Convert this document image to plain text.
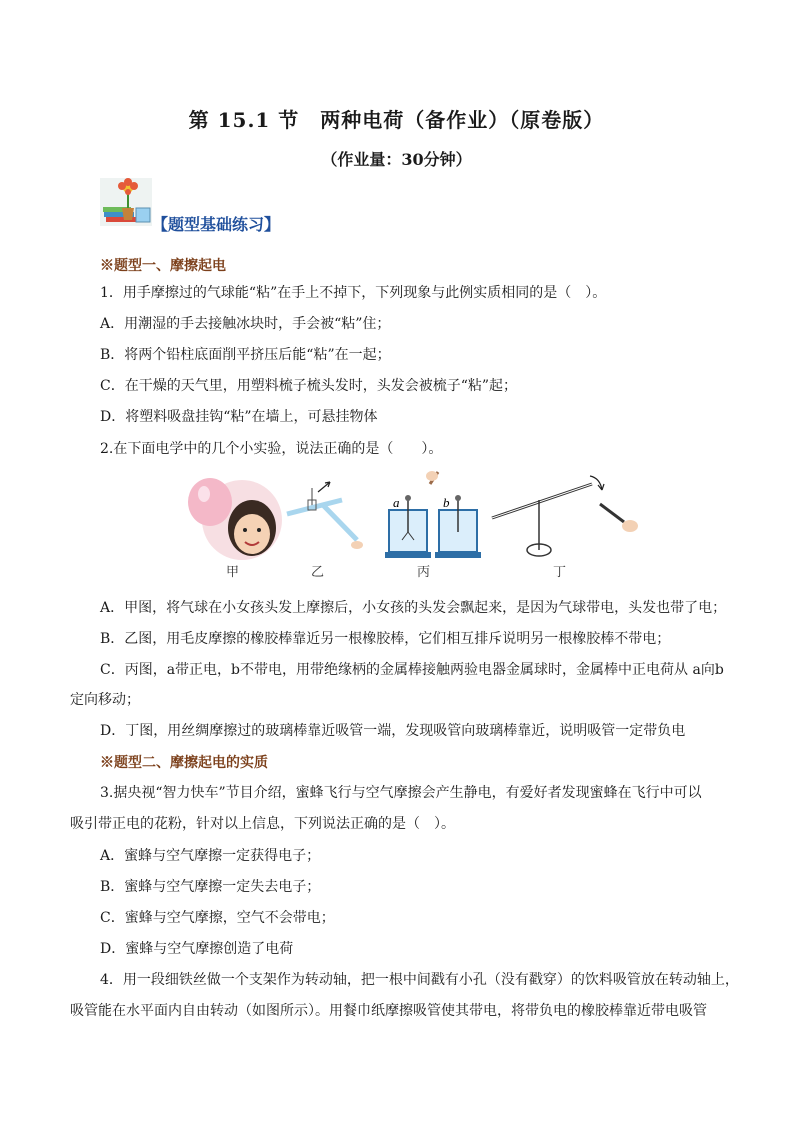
第 15.1 节　两种电荷（备作业）（原卷版）
（作业量：30分钟）
【题型基础练习】
※题型一、摩擦起电
1．用手摩擦过的气球能“粘”在手上不掉下，下列现象与此例实质相同的是（　）。
A．用潮湿的手去接触冰块时，手会被“粘”住；
B．将两个铅柱底面削平挤压后能“粘”在一起；
C．在干燥的天气里，用塑料梳子梳头发时，头发会被梳子“粘”起；
D．将塑料吸盘挂钩“粘”在墙上，可悬挂物体
2.在下面电学中的几个小实验，说法正确的是（　　）。
a	b
甲	乙	丙	丁
A．甲图，将气球在小女孩头发上摩擦后，小女孩的头发会飘起来，是因为气球带电，头发也带了电；
B．乙图，用毛皮摩擦的橡胶棒靠近另一根橡胶棒，它们相互排斥说明另一根橡胶棒不带电；
C．丙图，a带正电，b不带电，用带绝缘柄的金属棒接触两验电器金属球时，金属棒中正电荷从 a向b
定向移动；
D．丁图，用丝绸摩擦过的玻璃棒靠近吸管一端，发现吸管向玻璃棒靠近，说明吸管一定带负电
※题型二、摩擦起电的实质
3.据央视“智力快车”节目介绍，蜜蜂飞行与空气摩擦会产生静电，有爱好者发现蜜蜂在飞行中可以
吸引带正电的花粉，针对以上信息，下列说法正确的是（　）。
A．蜜蜂与空气摩擦一定获得电子；
B．蜜蜂与空气摩擦一定失去电子；
C．蜜蜂与空气摩擦，空气不会带电；
D．蜜蜂与空气摩擦创造了电荷
4．用一段细铁丝做一个支架作为转动轴，把一根中间戳有小孔（没有戳穿）的饮料吸管放在转动轴上，
吸管能在水平面内自由转动（如图所示）。用餐巾纸摩擦吸管使其带电，将带负电的橡胶棒靠近带电吸管
